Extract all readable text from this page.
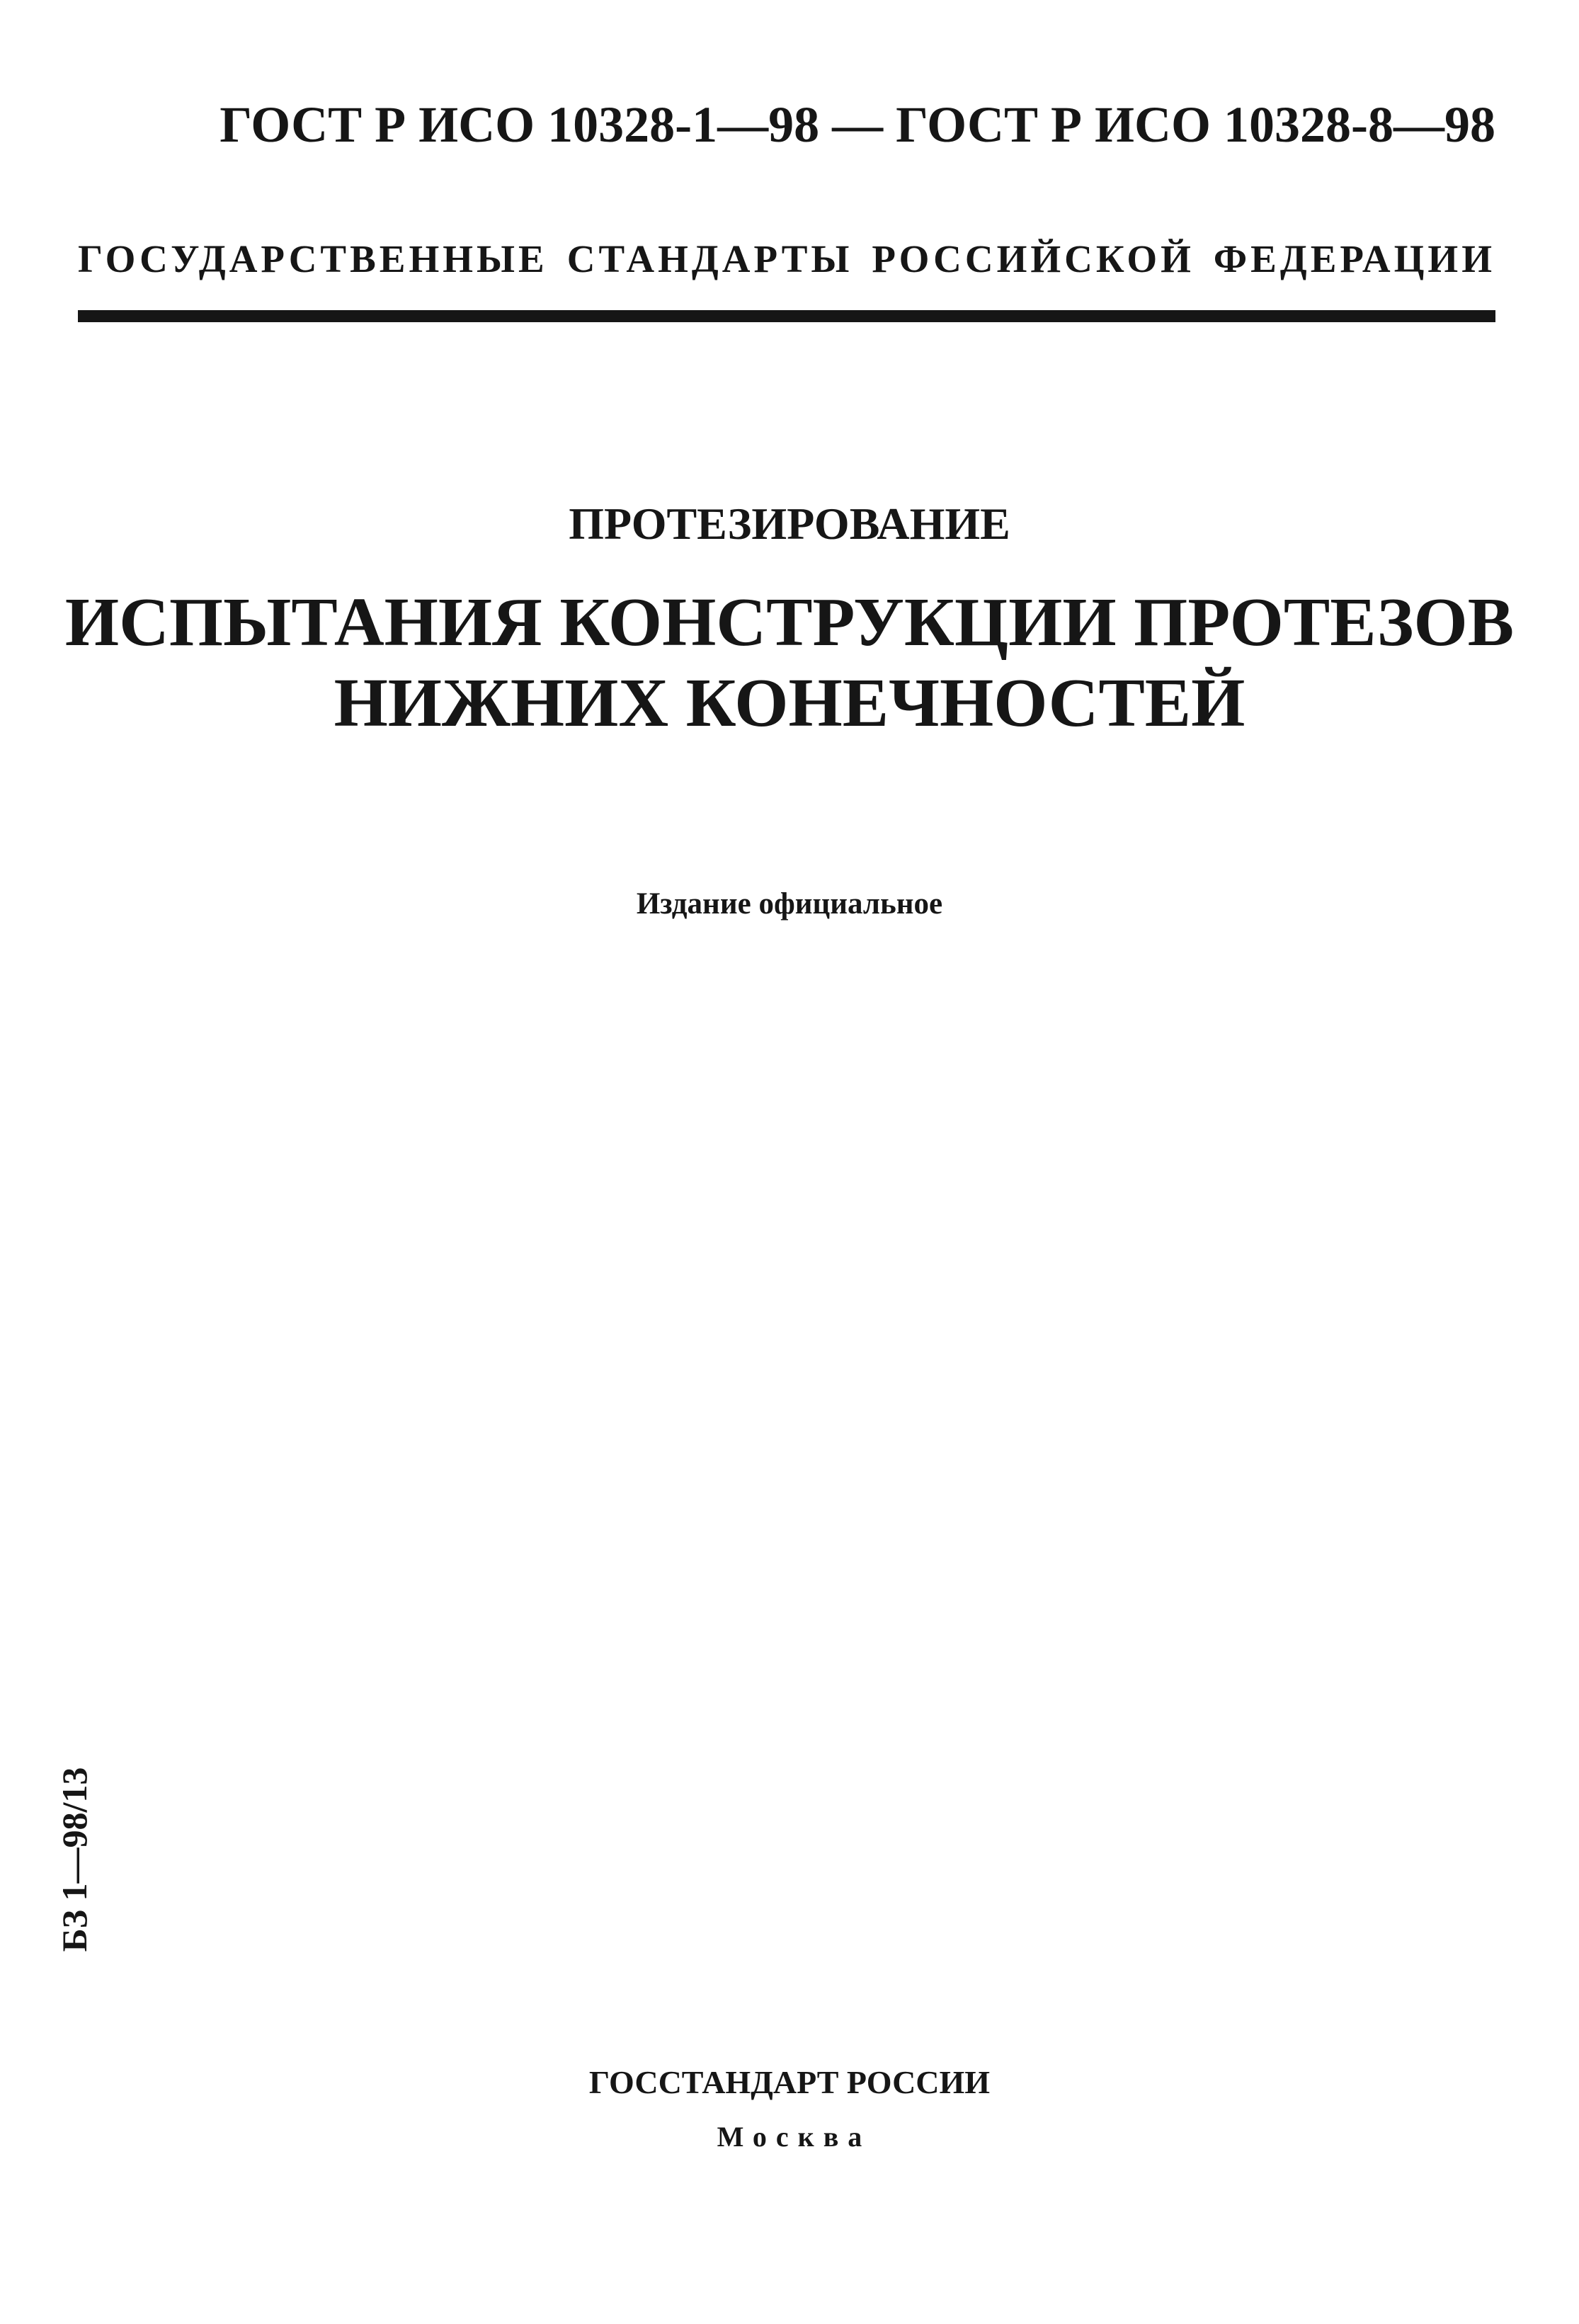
ГОСТ Р ИСО 10328-1—98 — ГОСТ Р ИСО 10328-8—98
ГОСУДАРСТВЕННЫЕ СТАНДАРТЫ РОССИЙСКОЙ ФЕДЕРАЦИИ
ПРОТЕЗИРОВАНИЕ
ИСПЫТАНИЯ КОНСТРУКЦИИ ПРОТЕЗОВ
НИЖНИХ КОНЕЧНОСТЕЙ
Издание официальное
БЗ 1—98/13
ГОССТАНДАРТ РОССИИ
Москва
